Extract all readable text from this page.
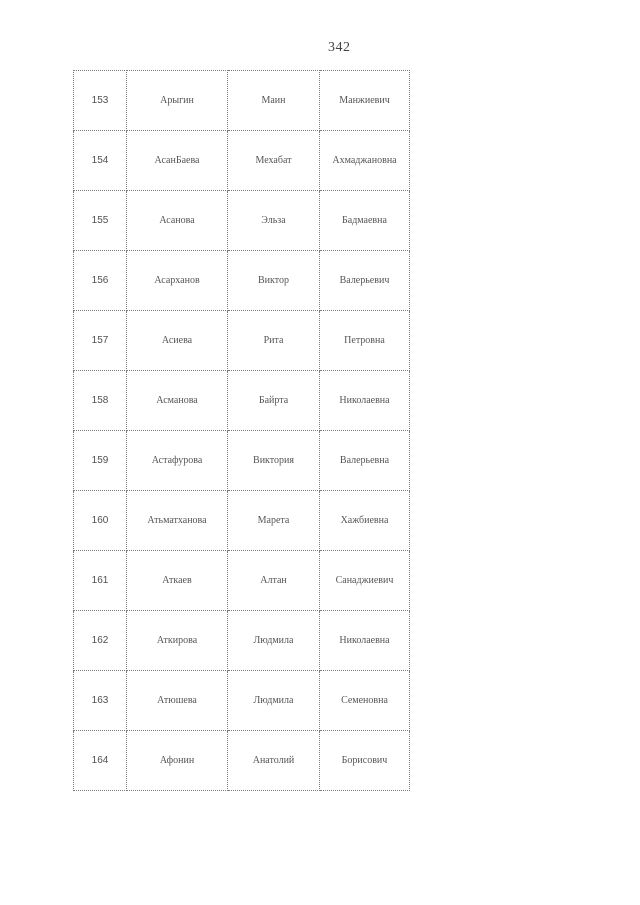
342
153	Арыгин	Маин	Манжиевич
154	АсанБаева	Мехабат	Ахмаджановна
155	Асанова	Эльза	Бадмаевна
156	Асарханов	Виктор	Валерьевич
157	Асиева	Рита	Петровна
158	Асманова	Байрта	Николаевна
159	Астафурова	Виктория	Валерьевна
160	Атьматханова	Марета	Хажбиевна
161	Аткаев	Алтан	Санаджиевич
162	Аткирова	Людмила	Николаевна
163	Атюшева	Людмила	Семеновна
164	Афонин	Анатолий	Борисович
